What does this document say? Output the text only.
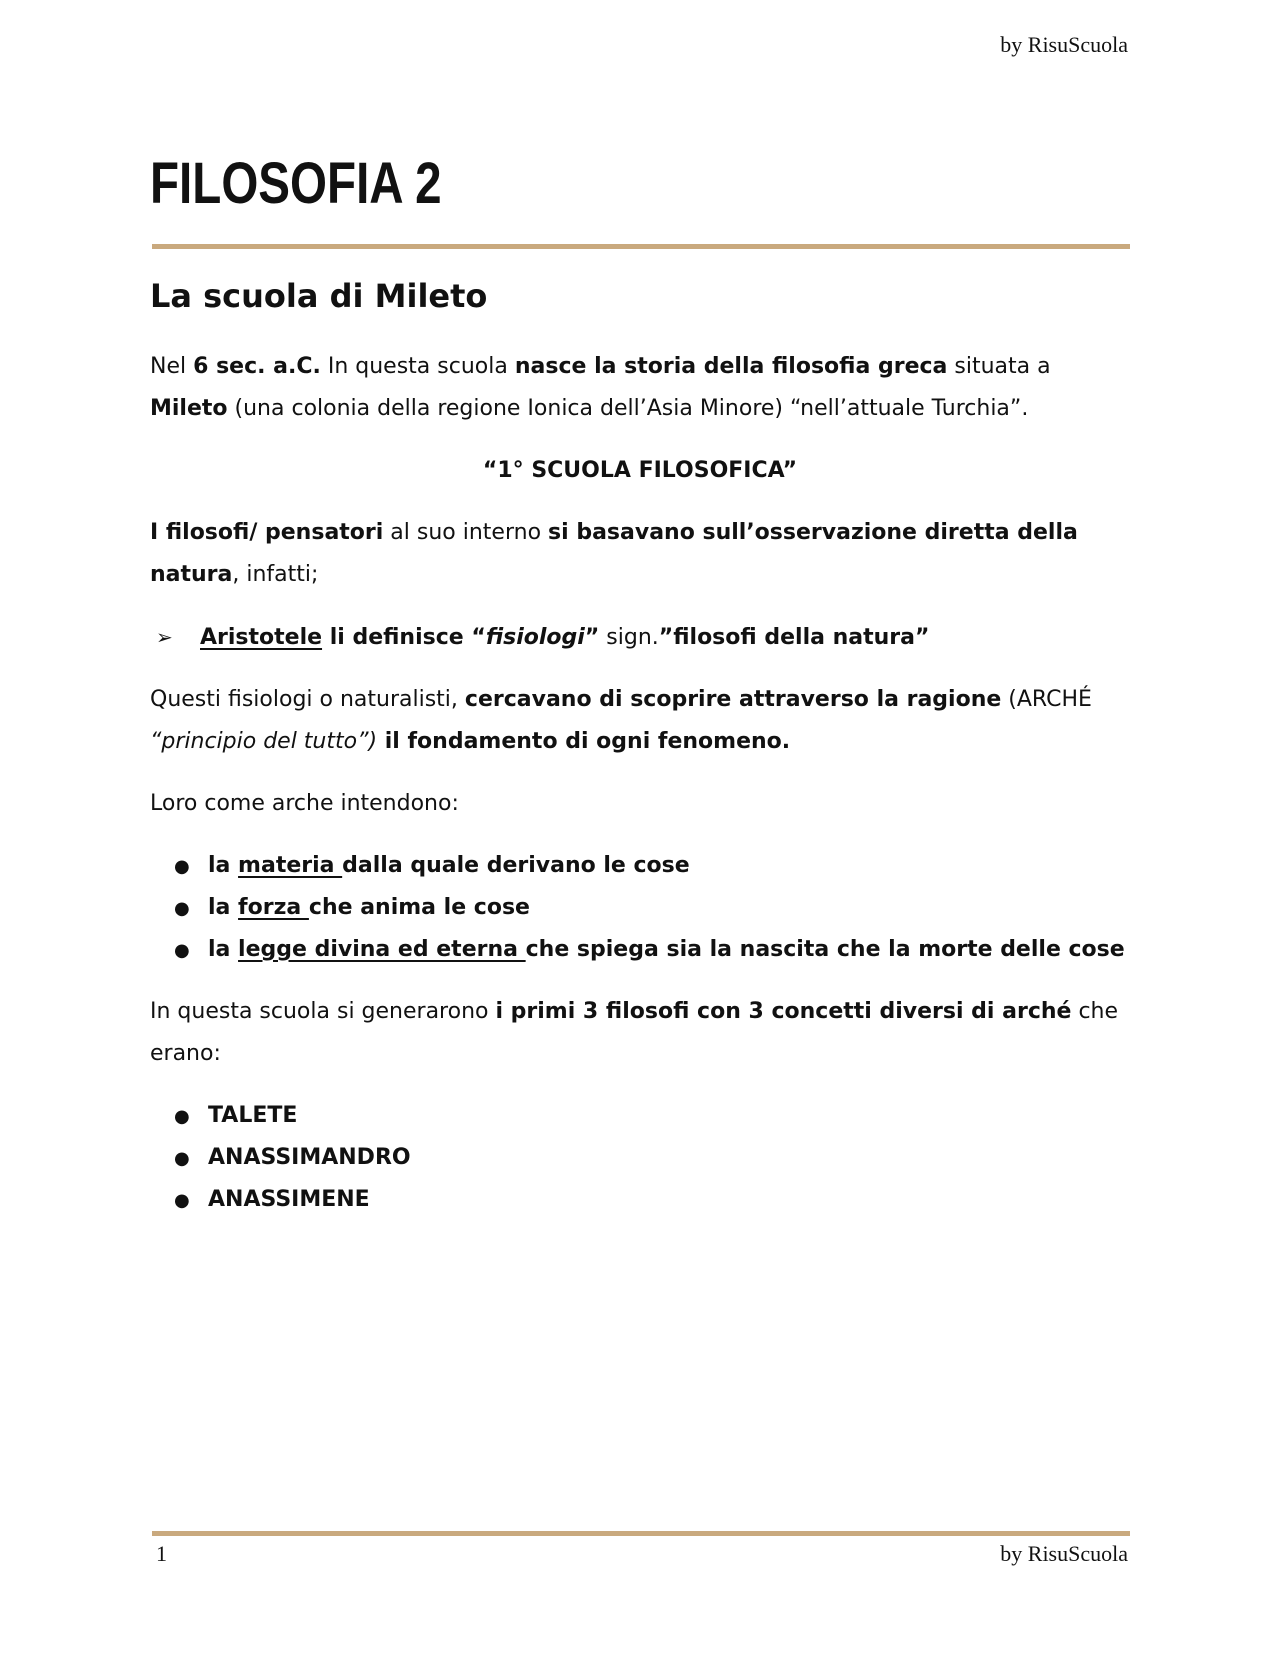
by RisuScuola
FILOSOFIA 2
La scuola di Mileto

Nel 6 sec. a.C. In questa scuola nasce la storia della filosofia greca situata a Mileto (una colonia della regione Ionica dell’Asia Minore) “nell’attuale Turchia”.

“1° SCUOLA FILOSOFICA”

I filosofi/ pensatori al suo interno si basavano sull’osservazione diretta della natura, infatti;

➢	Aristotele li definisce “fisiologi” sign.”filosofi della natura”

Questi fisiologi o naturalisti, cercavano di scoprire attraverso la ragione (ARCHÉ “principio del tutto”) il fondamento di ogni fenomeno.

Loro come arche intendono:

● la materia dalla quale derivano le cose
● la forza che anima le cose
● la legge divina ed eterna che spiega sia la nascita che la morte delle cose

In questa scuola si generarono i primi 3 filosofi con 3 concetti diversi di arché che erano:

● TALETE
● ANASSIMANDRO
● ANASSIMENE
1	by RisuScuola
